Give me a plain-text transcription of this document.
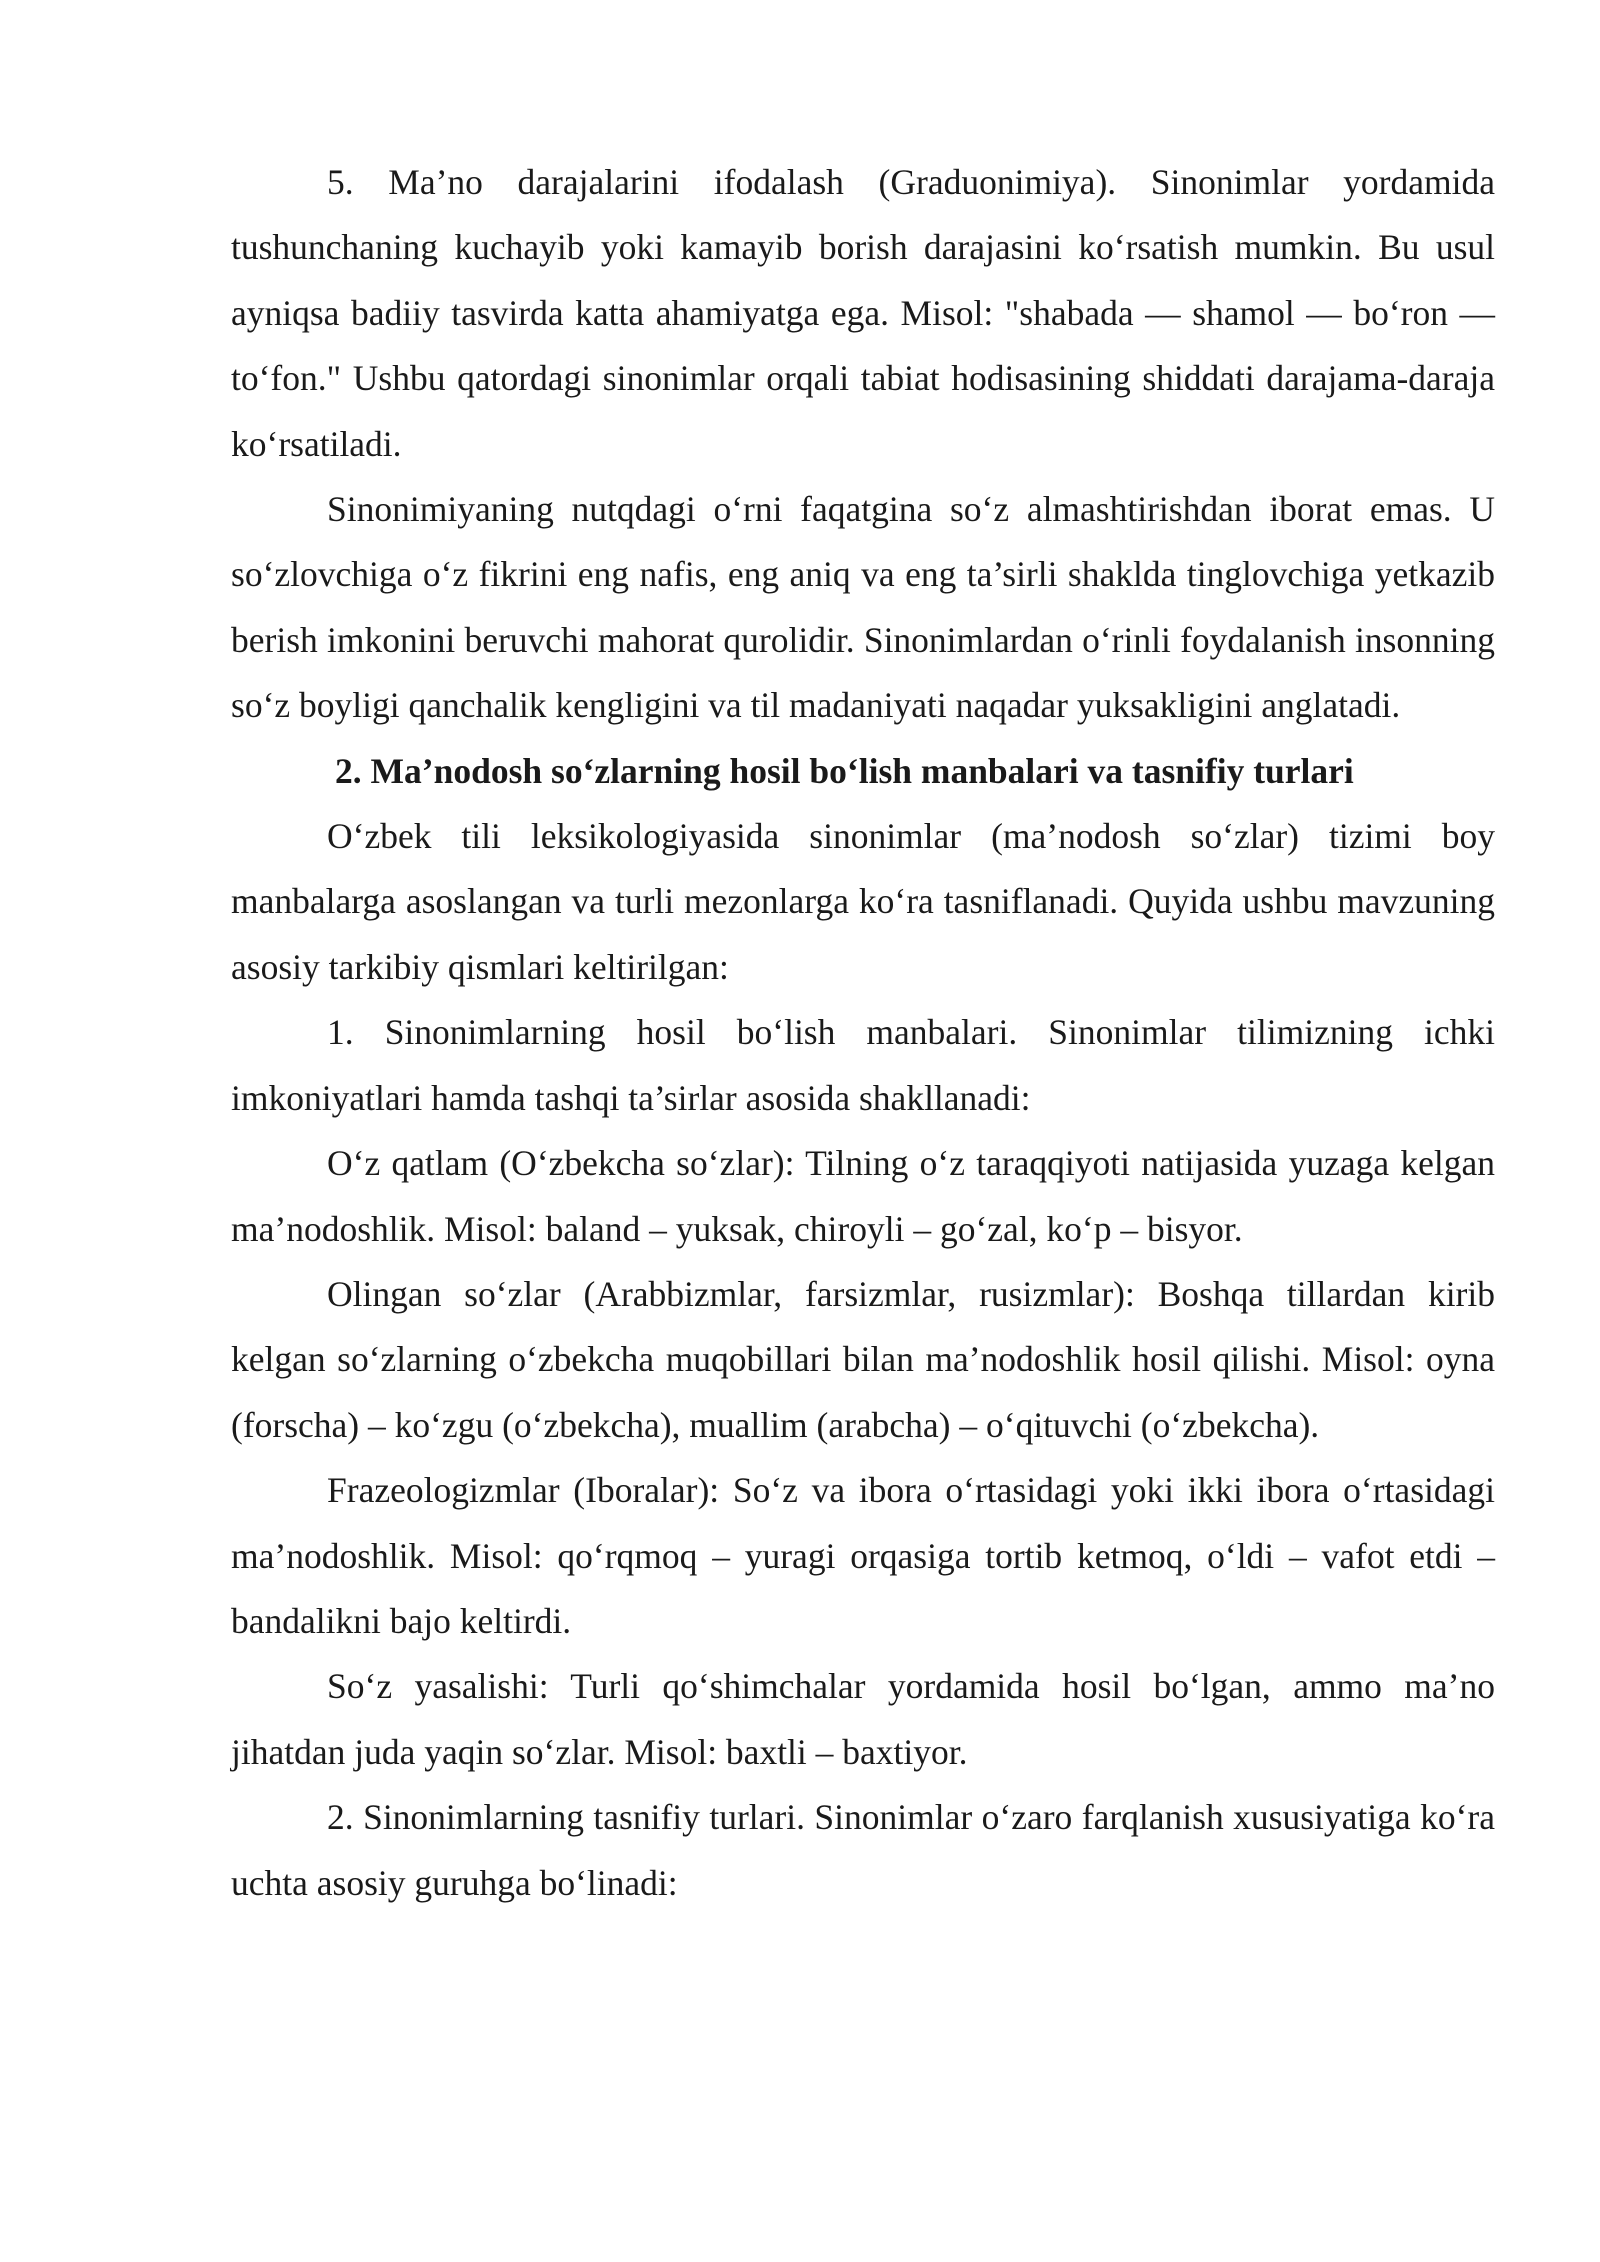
5. Ma’no darajalarini ifodalash (Graduonimiya). Sinonimlar yordamida tushunchaning kuchayib yoki kamayib borish darajasini ko‘rsatish mumkin. Bu usul ayniqsa badiiy tasvirda katta ahamiyatga ega. Misol: "shabada — shamol — bo‘ron — to‘fon." Ushbu qatordagi sinonimlar orqali tabiat hodisasining shiddati darajama-daraja ko‘rsatiladi.

Sinonimiyaning nutqdagi o‘rni faqatgina so‘z almashtirishdan iborat emas. U so‘zlovchiga o‘z fikrini eng nafis, eng aniq va eng ta’sirli shaklda tinglovchiga yetkazib berish imkonini beruvchi mahorat qurolidir. Sinonimlardan o‘rinli foydalanish insonning so‘z boyligi qanchalik kengligini va til madaniyati naqadar yuksakligini anglatadi.

2. Ma’nodosh so‘zlarning hosil bo‘lish manbalari va tasnifiy turlari

O‘zbek tili leksikologiyasida sinonimlar (ma’nodosh so‘zlar) tizimi boy manbalarga asoslangan va turli mezonlarga ko‘ra tasniflanadi. Quyida ushbu mavzuning asosiy tarkibiy qismlari keltirilgan:

1. Sinonimlarning hosil bo‘lish manbalari. Sinonimlar tilimizning ichki imkoniyatlari hamda tashqi ta’sirlar asosida shakllanadi:

O‘z qatlam (O‘zbekcha so‘zlar): Tilning o‘z taraqqiyoti natijasida yuzaga kelgan ma’nodoshlik. Misol: baland – yuksak, chiroyli – go‘zal, ko‘p – bisyor.

Olingan so‘zlar (Arabbizmlar, farsizmlar, rusizmlar): Boshqa tillardan kirib kelgan so‘zlarning o‘zbekcha muqobillari bilan ma’nodoshlik hosil qilishi. Misol: oyna (forscha) – ko‘zgu (o‘zbekcha), muallim (arabcha) – o‘qituvchi (o‘zbekcha).

Frazeologizmlar (Iboralar): So‘z va ibora o‘rtasidagi yoki ikki ibora o‘rtasidagi ma’nodoshlik. Misol: qo‘rqmoq – yuragi orqasiga tortib ketmoq, o‘ldi – vafot etdi – bandalikni bajo keltirdi.

So‘z yasalishi: Turli qo‘shimchalar yordamida hosil bo‘lgan, ammo ma’no jihatdan juda yaqin so‘zlar. Misol: baxtli – baxtiyor.

2. Sinonimlarning tasnifiy turlari. Sinonimlar o‘zaro farqlanish xususiyatiga ko‘ra uchta asosiy guruhga bo‘linadi:
